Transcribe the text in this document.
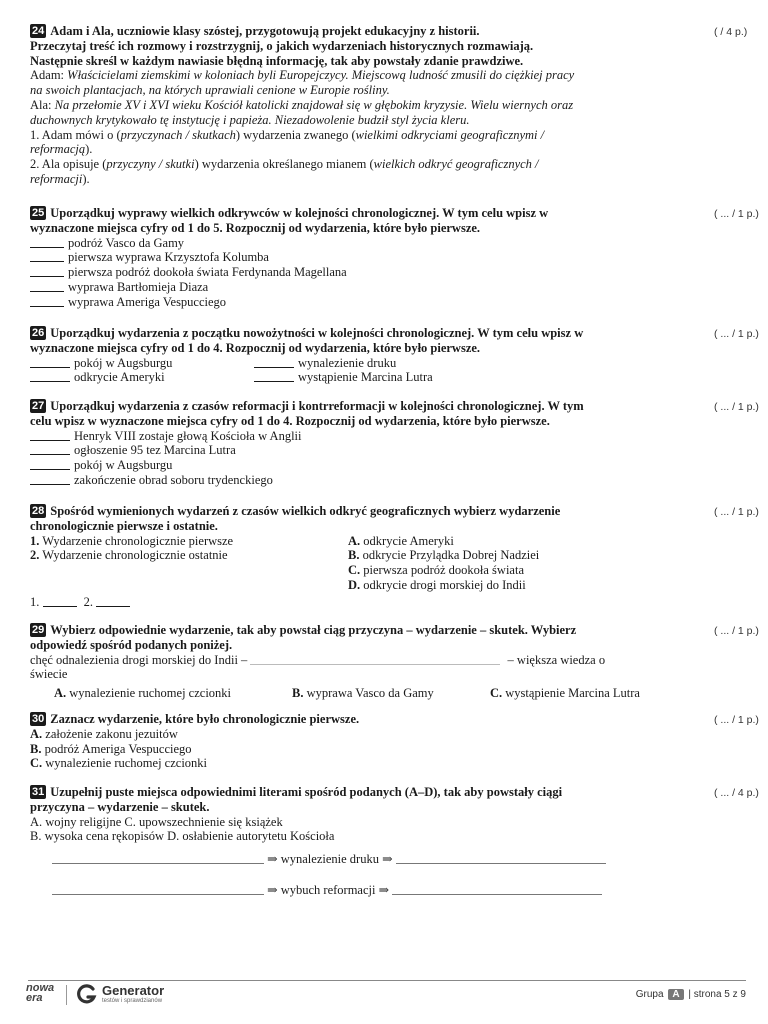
24 Adam i Ala, uczniowie klasy szóstej, przygotowują projekt edukacyjny z historii.
Przeczytaj treść ich rozmowy i rozstrzygnij, o jakich wydarzeniach historycznych rozmawiają.
Następnie skreśl w każdym nawiasie błędną informację, tak aby powstały zdanie prawdziwe.
Adam: Właścicielami ziemskimi w koloniach byli Europejczycy. Miejscową ludność zmusili do ciężkiej pracy
na swoich plantacjach, na których uprawiali cenione w Europie rośliny.
Ala: Na przełomie XV i XVI wieku Kościół katolicki znajdował się w głębokim kryzysie. Wielu wiernych oraz
duchownych krytykowało tę instytucję i papieża. Niezadowolenie budził styl życia kleru.
1. Adam mówi o (przyczynach / skutkach) wydarzenia zwanego (wielkimi odkryciami geograficznymi /
reformacją).
2. Ala opisuje (przyczyny / skutki) wydarzenia określanego mianem (wielkich odkryć geograficznych /
reformacji).
( / 4 p.)
25 Uporządkuj wyprawy wielkich odkrywców w kolejności chronologicznej. W tym celu wpisz w
wyznaczone miejsca cyfry od 1 do 5. Rozpocznij od wydarzenia, które było pierwsze.
podróż Vasco da Gamy
pierwsza wyprawa Krzysztofa Kolumba
pierwsza podróż dookoła świata Ferdynanda Magellana
wyprawa Bartłomieja Diaza
wyprawa Ameriga Vespucciego
( ... / 1 p.)
26 Uporządkuj wydarzenia z początku nowożytności w kolejności chronologicznej. W tym celu wpisz w
wyznaczone miejsca cyfry od 1 do 4. Rozpocznij od wydarzenia, które było pierwsze.
pokój w Augsburgu	wynalezienie druku
odkrycie Ameryki	wystąpienie Marcina Lutra
( ... / 1 p.)
27 Uporządkuj wydarzenia z czasów reformacji i kontrreformacji w kolejności chronologicznej. W tym
celu wpisz w wyznaczone miejsca cyfry od 1 do 4. Rozpocznij od wydarzenia, które było pierwsze.
Henryk VIII zostaje głową Kościoła w Anglii
ogłoszenie 95 tez Marcina Lutra
pokój w Augsburgu
zakończenie obrad soboru trydenckiego
( ... / 1 p.)
28 Spośród wymienionych wydarzeń z czasów wielkich odkryć geograficznych wybierz wydarzenie
chronologicznie pierwsze i ostatnie.
1. Wydarzenie chronologicznie pierwsze	A. odkrycie Ameryki
2. Wydarzenie chronologicznie ostatnie	B. odkrycie Przylądka Dobrej Nadziei
C. pierwsza podróż dookoła świata
D. odkrycie drogi morskiej do Indii
1.	2.
( ... / 1 p.)
29 Wybierz odpowiednie wydarzenie, tak aby powstał ciąg przyczyna – wydarzenie – skutek. Wybierz
odpowiedź spośród podanych poniżej.
chęć odnalezienia drogi morskiej do Indii –	– większa wiedza o
świecie
A. wynalezienie ruchomej czcionki	B. wyprawa Vasco da Gamy	C. wystąpienie Marcina Lutra
( ... / 1 p.)
30 Zaznacz wydarzenie, które było chronologicznie pierwsze.
A. założenie zakonu jezuitów
B. podróż Ameriga Vespucciego
C. wynalezienie ruchomej czcionki
( ... / 1 p.)
31 Uzupełnij puste miejsca odpowiednimi literami spośród podanych (A–D), tak aby powstały ciągi
przyczyna – wydarzenie – skutek.
A. wojny religijne C. upowszechnienie się książek
B. wysoka cena rękopisów D. osłabienie autorytetu Kościoła
( ... / 4 p.)
⇒ wynalezienie druku ⇒
⇒ wybuch reformacji ⇒
nowa
era	Generator
testów i sprawdzianów
Grupa A | strona 5 z 9
